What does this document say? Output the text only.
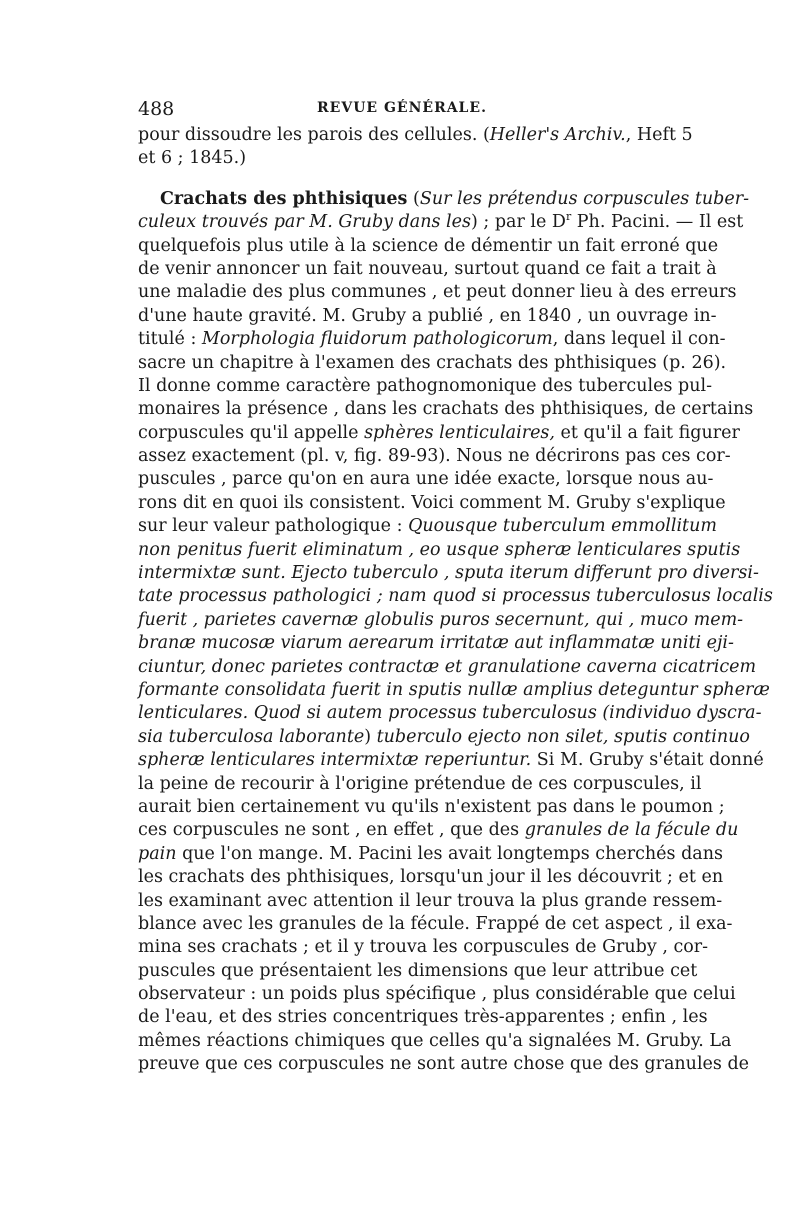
488	REVUE GÉNÉRALE.
pour dissoudre les parois des cellules. (Heller's Archiv., Heft 5
et 6 ; 1845.)
Crachats des phthisiques (Sur les prétendus corpuscules tuber-
culeux trouvés par M. Gruby dans les) ; par le $D^r$ Ph. Pacini. — Il est
quelquefois plus utile à la science de démentir un fait erroné que
de venir annoncer un fait nouveau, surtout quand ce fait a trait à
une maladie des plus communes , et peut donner lieu à des erreurs
d'une haute gravité. M. Gruby a publié , en 1840 , un ouvrage in-
titulé : Morphologia fluidorum pathologicorum, dans lequel il con-
sacre un chapitre à l'examen des crachats des phthisiques (p. 26).
Il donne comme caractère pathognomonique des tubercules pul-
monaires la présence , dans les crachats des phthisiques, de certains
corpuscules qu'il appelle sphères lenticulaires, et qu'il a fait figurer
assez exactement (pl. v, fig. 89-93). Nous ne décrirons pas ces cor-
puscules , parce qu'on en aura une idée exacte, lorsque nous au-
rons dit en quoi ils consistent. Voici comment M. Gruby s'explique
sur leur valeur pathologique : Quousque tuberculum emmollitum
non penitus fuerit eliminatum , eo usque spheræ lenticulares sputis
intermixtæ sunt. Ejecto tuberculo , sputa iterum differunt pro diversi-
tate processus pathologici ; nam quod si processus tuberculosus localis
fuerit , parietes cavernæ globulis puros secernunt, qui , muco mem-
branæ mucosæ viarum aerearum irritatæ aut inflammatæ uniti eji-
ciuntur, donec parietes contractæ et granulatione caverna cicatricem
formante consolidata fuerit in sputis nullæ amplius deteguntur spheræ
lenticulares. Quod si autem processus tuberculosus (individuo dyscra-
sia tuberculosa laborante) tuberculo ejecto non silet, sputis continuo
spheræ lenticulares intermixtæ reperiuntur. Si M. Gruby s'était donné
la peine de recourir à l'origine prétendue de ces corpuscules, il
aurait bien certainement vu qu'ils n'existent pas dans le poumon ;
ces corpuscules ne sont , en effet , que des granules de la fécule du
pain que l'on mange. M. Pacini les avait longtemps cherchés dans
les crachats des phthisiques, lorsqu'un jour il les découvrit ; et en
les examinant avec attention il leur trouva la plus grande ressem-
blance avec les granules de la fécule. Frappé de cet aspect , il exa-
mina ses crachats ; et il y trouva les corpuscules de Gruby , cor-
puscules que présentaient les dimensions que leur attribue cet
observateur : un poids plus spécifique , plus considérable que celui
de l'eau, et des stries concentriques très-apparentes ; enfin , les
mêmes réactions chimiques que celles qu'a signalées M. Gruby. La
preuve que ces corpuscules ne sont autre chose que des granules de
